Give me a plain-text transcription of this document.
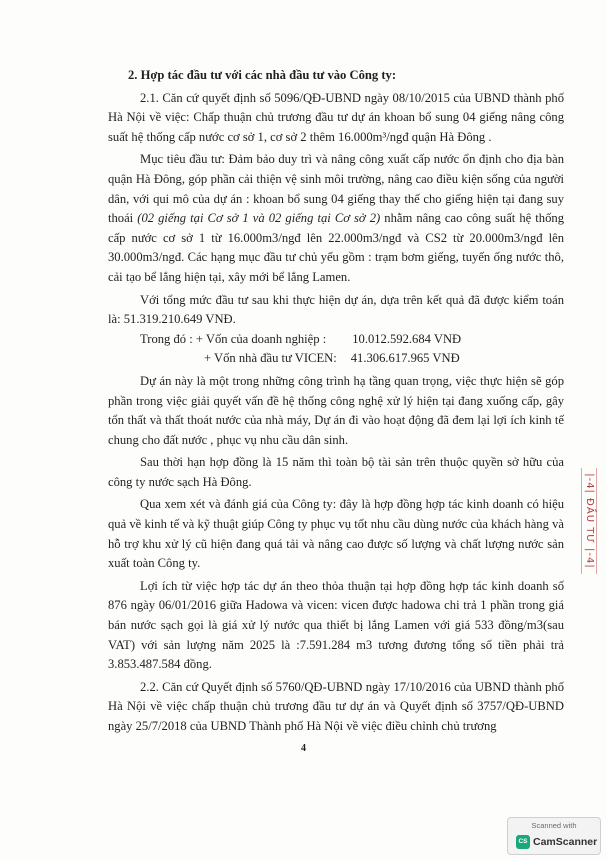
2. Hợp tác đầu tư với các nhà đầu tư vào Công ty:

2.1. Căn cứ quyết định số 5096/QĐ-UBND ngày 08/10/2015 của UBND thành phố Hà Nội về việc: Chấp thuận chủ trương đầu tư dự án khoan bổ sung 04 giếng nâng công suất hệ thống cấp nước cơ sở 1, cơ sở 2 thêm 16.000m³/ngđ quận Hà Đông .

Mục tiêu đầu tư: Đảm bảo duy trì và nâng công xuất cấp nước ổn định cho địa bàn quận Hà Đông, góp phần cải thiện vệ sinh môi trường, nâng cao điều kiện sống của người dân, với qui mô của dự án : khoan bổ sung 04 giếng thay thế cho giếng hiện tại đang suy thoái (02 giếng tại Cơ sở 1 và 02 giếng tại Cơ sở 2) nhằm nâng cao công suất hệ thống cấp nước cơ sở 1 từ 16.000m3/ngđ lên 22.000m3/ngđ và CS2 từ 20.000m3/ngđ lên 30.000m3/ngđ. Các hạng mục đầu tư chủ yếu gồm : trạm bơm giếng, tuyến ống nước thô, cải tạo bể lắng hiện tại, xây mới bể lắng Lamen.

Với tổng mức đầu tư sau khi thực hiện dự án, dựa trên kết quả đã được kiểm toán là: 51.319.210.649 VNĐ.

Trong đó : + Vốn của doanh nghiệp : 10.012.592.684 VNĐ
+ Vốn nhà đầu tư VICEN: 41.306.617.965 VNĐ

Dự án này là một trong những công trình hạ tầng quan trọng, việc thực hiện sẽ góp phần trong việc giải quyết vấn đề hệ thống công nghệ xử lý hiện tại đang xuống cấp, gây tổn thất và thất thoát nước của nhà máy, Dự án đi vào hoạt động đã đem lại lợi ích kinh tế chung cho đất nước , phục vụ nhu cầu dân sinh.

Sau thời hạn hợp đồng là 15 năm thì toàn bộ tài sản trên thuộc quyền sở hữu của công ty nước sạch Hà Đông.

Qua xem xét và đánh giá của Công ty: đây là hợp đồng hợp tác kinh doanh có hiệu quả về kinh tế và kỹ thuật giúp Công ty phục vụ tốt nhu cầu dùng nước của khách hàng và hỗ trợ khu xử lý cũ hiện đang quá tải và nâng cao được số lượng và chất lượng nước sản xuất toàn Công ty.

Lợi ích từ việc hợp tác dự án theo thỏa thuận tại hợp đồng hợp tác kinh doanh số 876 ngày 06/01/2016 giữa Hadowa và vicen: vicen được hadowa chi trả 1 phần trong giá bán nước sạch gọi là giá xử lý nước qua thiết bị lắng Lamen với giá 533 đồng/m3(sau VAT) với sản lượng năm 2025 là :7.591.284 m3 tương đương tổng số tiền phải trả 3.853.487.584 đồng.

2.2. Căn cứ Quyết định số 5760/QĐ-UBND ngày 17/10/2016 của UBND thành phố Hà Nội về việc chấp thuận chủ trương đầu tư dự án và Quyết định số 3757/QĐ-UBND ngày 25/7/2018 của UBND Thành phố Hà Nội về việc điều chỉnh chủ trương

4
|-4| ĐẦU TƯ |-4|
Scanned with
CS CamScanner
